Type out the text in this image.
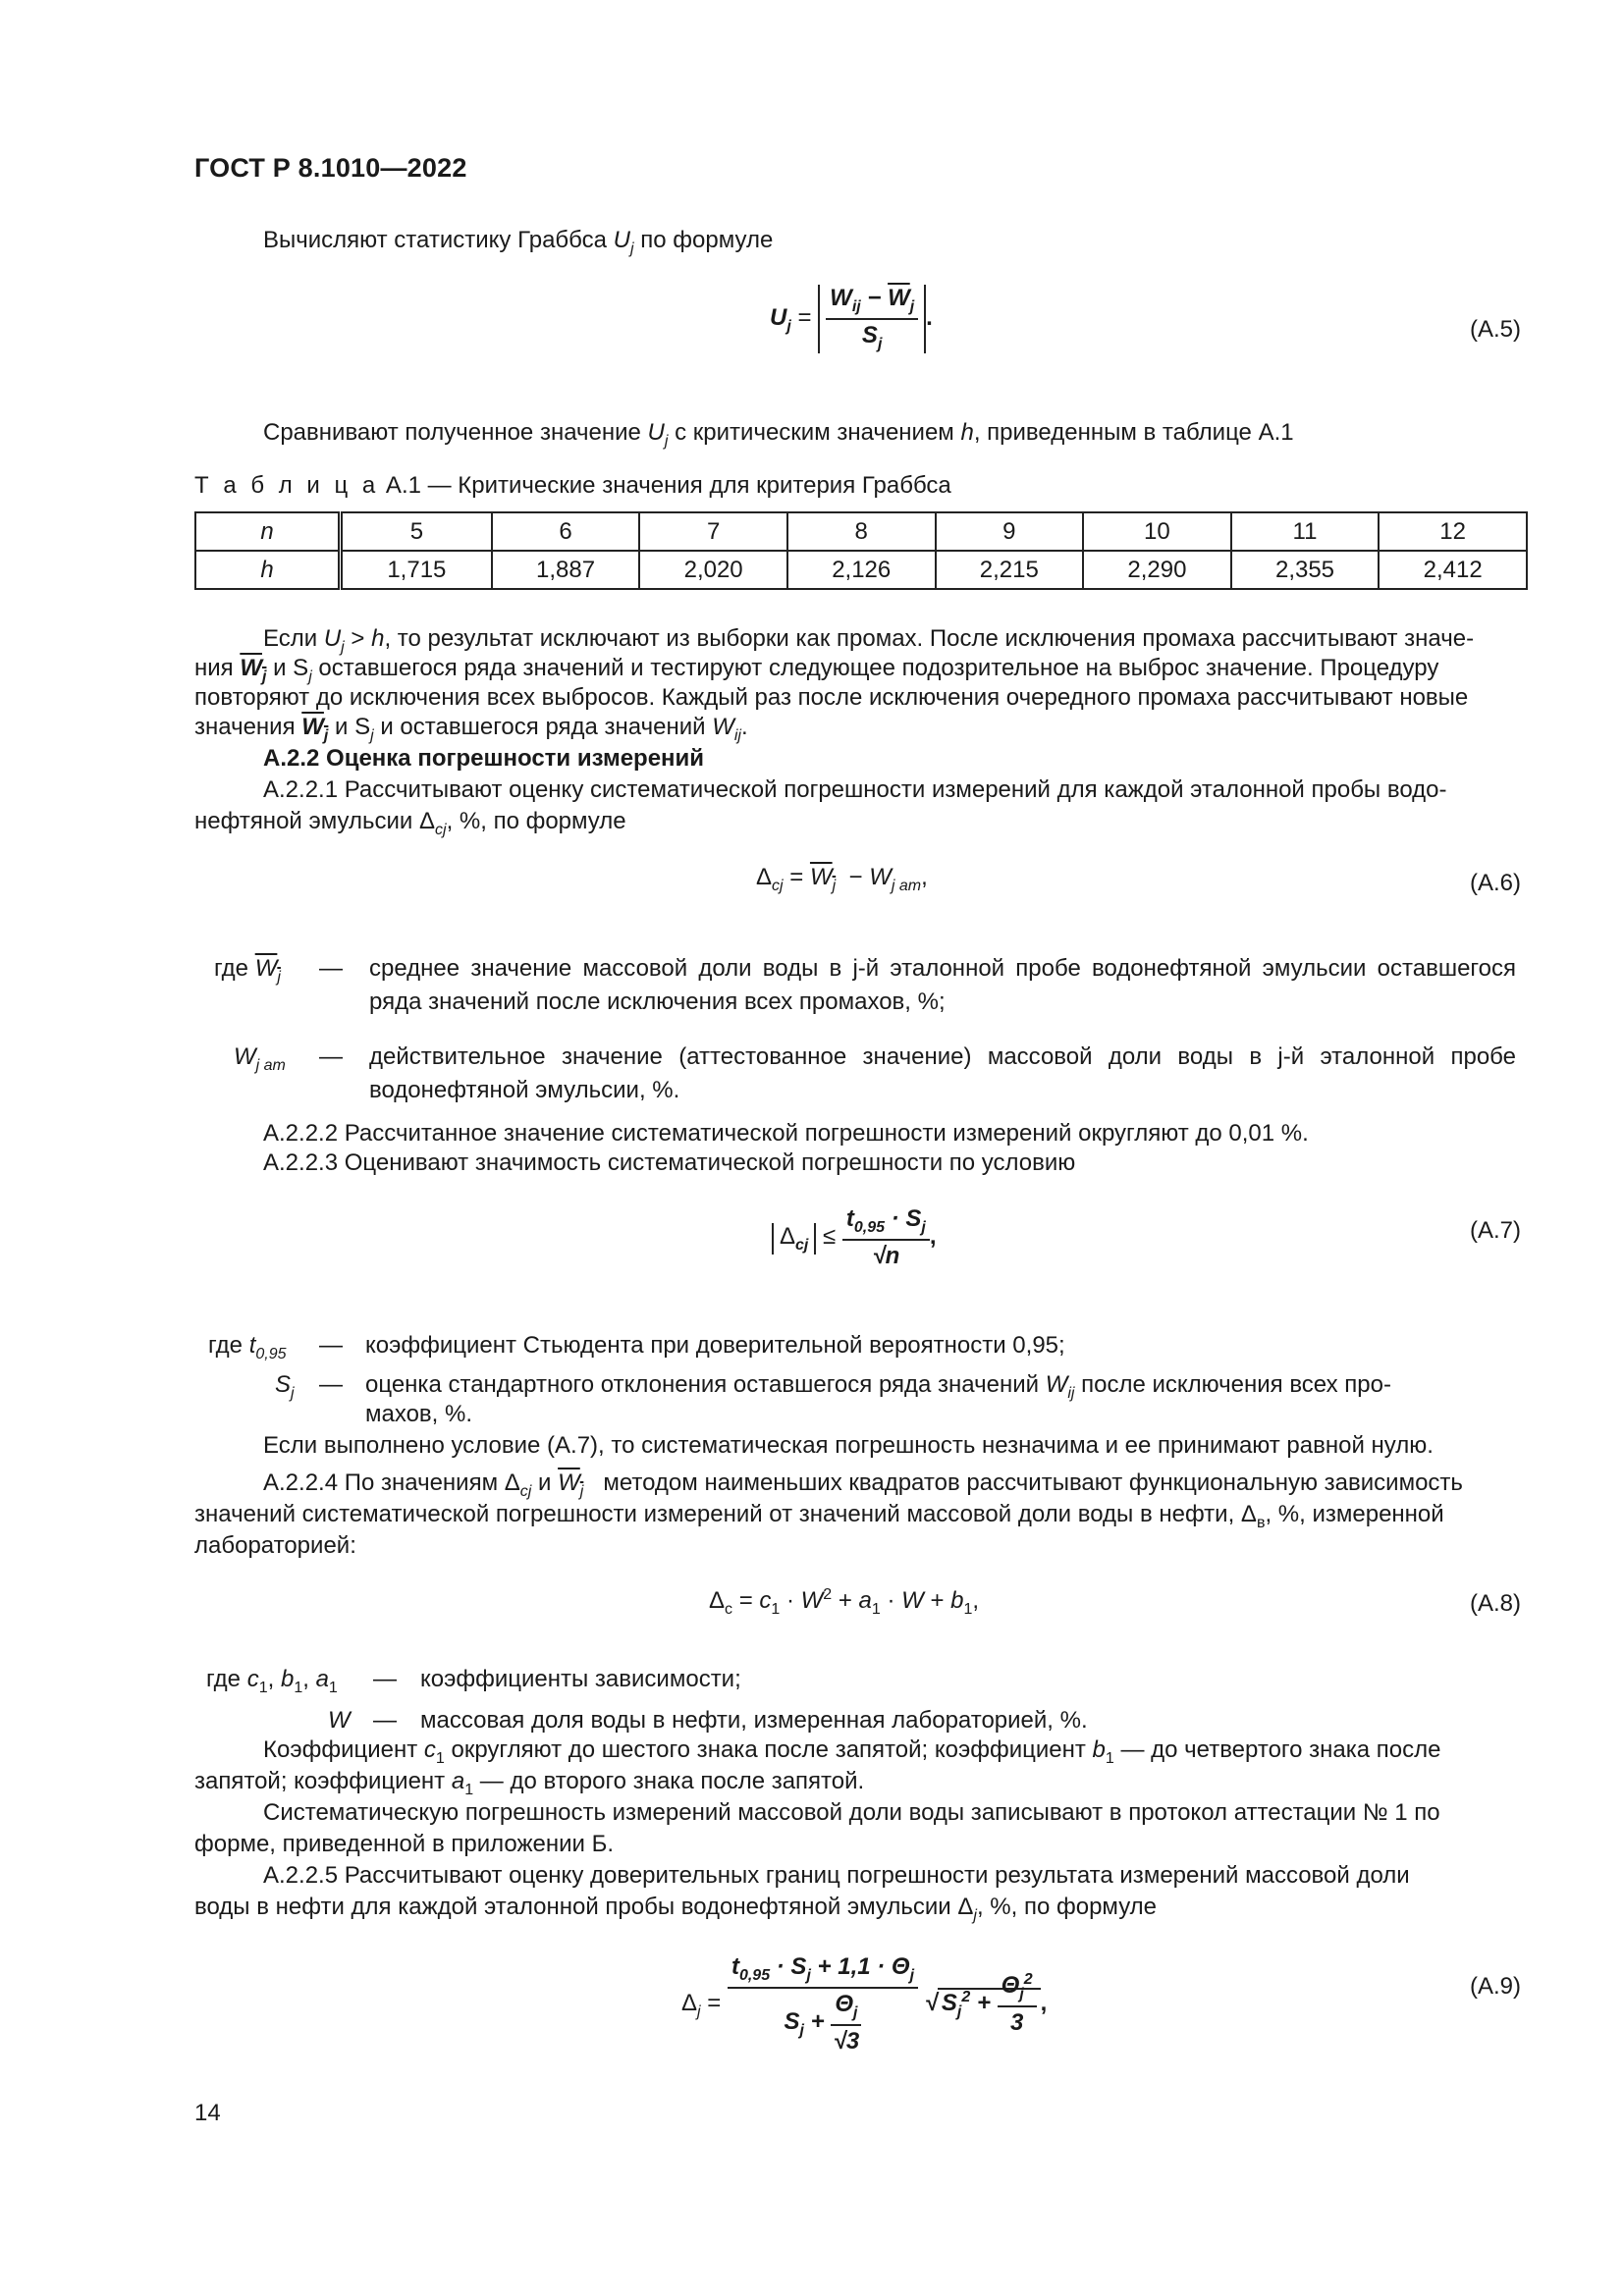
ГОСТ Р 8.1010—2022
Вычисляют статистику Граббса $U_j$ по формуле
$U_j = \frac{W_{ij} - \overline{W}_j}{S_j}$ .	(А.5)
Сравнивают полученное значение $U_j$ с критическим значением h, приведенным в таблице А.1
Т а б л и ц а А.1 — Критические значения для критерия Граббса
n	5	6	7	8	9	10	11	12
h	1,715	1,887	2,020	2,126	2,215	2,290	2,355	2,412
Если $U_j > h$, то результат исключают из выборки как промах. После исключения промаха рассчитывают значе-
ния $W_j$ и $S_j$ оставшегося ряда значений и тестируют следующее подозрительное на выброс значение. Процедуру
повторяют до исключения всех выбросов. Каждый раз после исключения очередного промаха рассчитывают новые
значения $W_j$ и $S_j$ и оставшегося ряда значений $W_{ij}$.
А.2.2 Оценка погрешности измерений
А.2.2.1 Рассчитывают оценку систематической погрешности измерений для каждой эталонной пробы водо-
нефтяной эмульсии $\Delta_{cj}$, %, по формуле
$\Delta_{cj} = W_j - W_{j am}$,	(А.6)
где $W_j$ — среднее значение массовой доли воды в j-й эталонной пробе водонефтяной эмульсии оставшегося ряда значений после исключения всех промахов, %;
$W_{j am}$ — действительное значение (аттестованное значение) массовой доли воды в j-й эталонной пробе водонефтяной эмульсии, %.
А.2.2.2 Рассчитанное значение систематической погрешности измерений округляют до 0,01 %.
А.2.2.3 Оценивают значимость систематической погрешности по условию
$\Delta_{cj} \le \frac{t_{0,95} \cdot S_j}{√n}$ ,	(А.7)
где $t_{0,95}$ — коэффициент Стьюдента при доверительной вероятности 0,95;
$S_j$ — оценка стандартного отклонения оставшегося ряда значений $W_{ij}$ после исключения всех про-
махов, %.
Если выполнено условие (А.7), то систематическая погрешность незначима и ее принимают равной нулю.
А.2.2.4 По значениям $\Delta_{cj}$ и $W_j$   методом наименьших квадратов рассчитывают функциональную зависимость
значений систематической погрешности измерений от значений массовой доли воды в нефти, $\Delta_в$, %, измеренной
лабораторией:
$\Delta_с = c_1 \cdot W^2 + a_1 \cdot W + b_1$,	(А.8)
где $c_1$, $b_1$, $a_1$ — коэффициенты зависимости;
W — массовая доля воды в нефти, измеренная лабораторией, %.
Коэффициент $c_1$ округляют до шестого знака после запятой; коэффициент $b_1$ — до четвертого знака после
запятой; коэффициент $a_1$ — до второго знака после запятой.
Систематическую погрешность измерений массовой доли воды записывают в протокол аттестации № 1 по
форме, приведенной в приложении Б.
А.2.2.5 Рассчитывают оценку доверительных границ погрешности результата измерений массовой доли
воды в нефти для каждой эталонной пробы водонефтяной эмульсии $\Delta_j$, %, по формуле
$\Delta_j = \frac{t_{0,95} \cdot S_j + 1,1 \cdot \Theta_j}{S_j + \frac{\Theta_j}{√3}}$ √ $S_j^2 + \frac{\Theta_j^2}{3}$ ,
(А.9)
14
